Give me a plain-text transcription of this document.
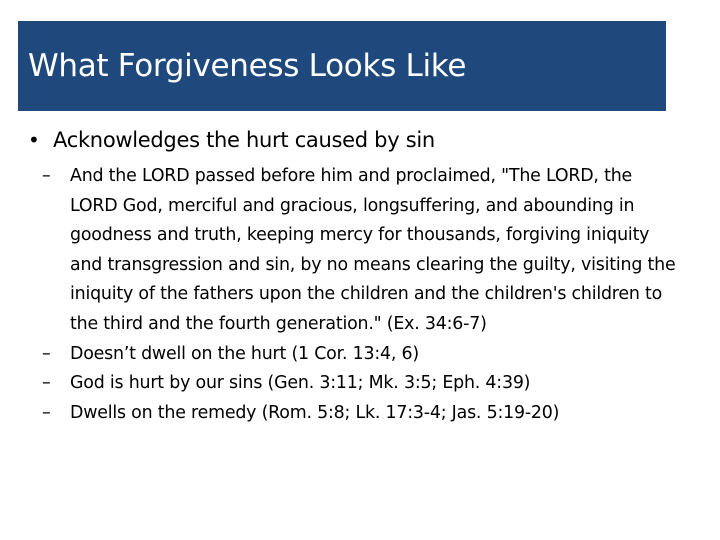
What Forgiveness Looks Like
• Acknowledges the hurt caused by sin
–	And the LORD passed before him and proclaimed, "The LORD, the LORD God, merciful and gracious, longsuffering, and abounding in goodness and truth, keeping mercy for thousands, forgiving iniquity and transgression and sin, by no means clearing the guilty, visiting the iniquity of the fathers upon the children and the children's children to the third and the fourth generation." (Ex. 34:6-7)
–	Doesn’t dwell on the hurt (1 Cor. 13:4, 6)
–	God is hurt by our sins (Gen. 3:11; Mk. 3:5; Eph. 4:39)
–	Dwells on the remedy (Rom. 5:8; Lk. 17:3-4; Jas. 5:19-20)
